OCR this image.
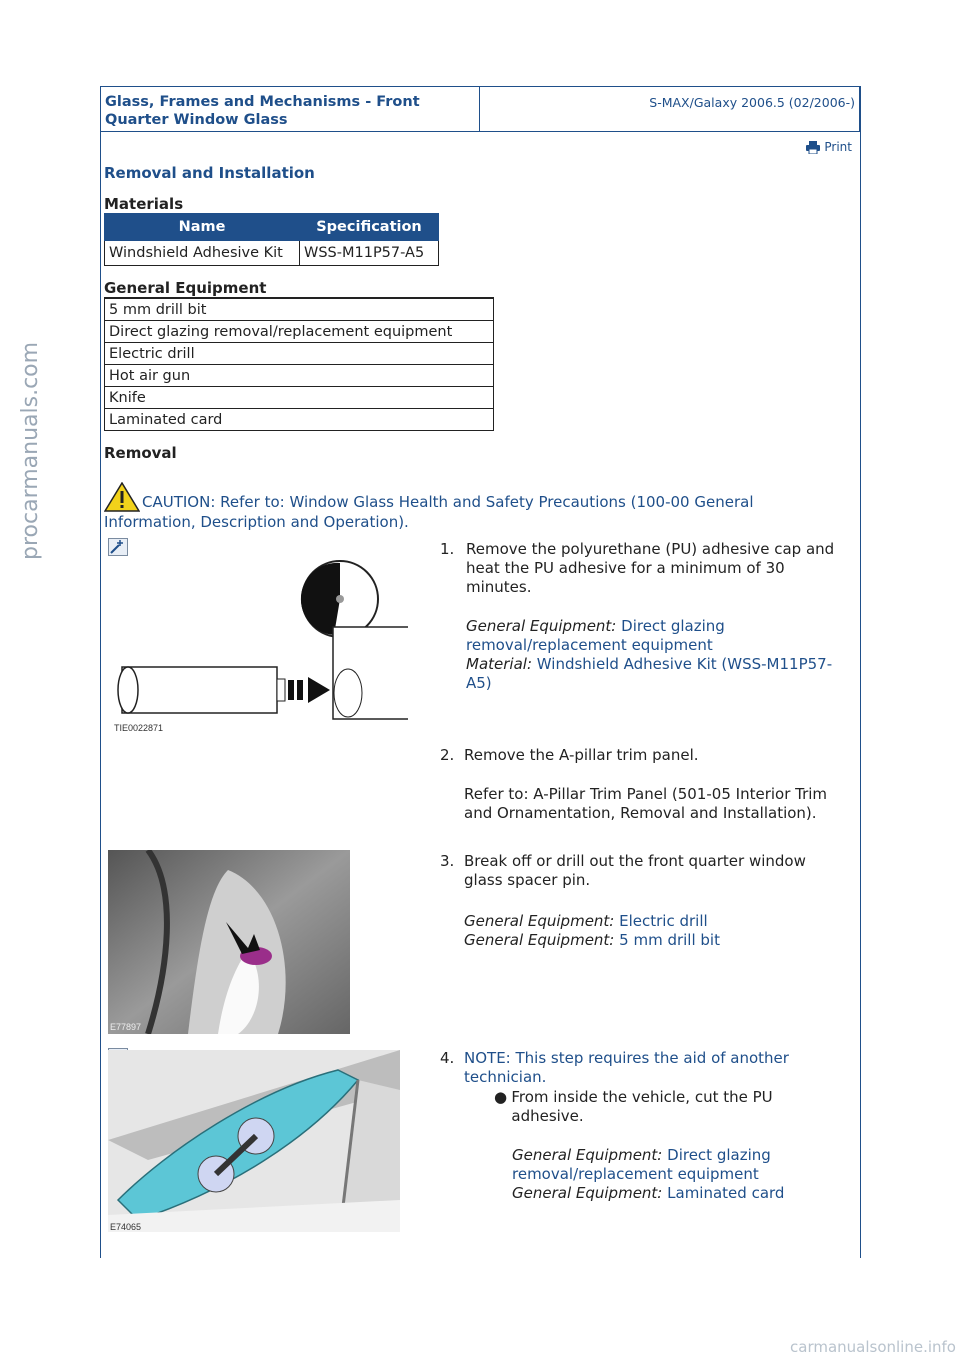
Glass, Frames and Mechanisms - Front
Quarter Window Glass
S-MAX/Galaxy 2006.5 (02/2006-)
Print
Removal and Installation
Materials
Name	Specification
Windshield Adhesive Kit	WSS-M11P57-A5
General Equipment
5 mm drill bit
Direct glazing removal/replacement equipment
Electric drill
Hot air gun
Knife
Laminated card
Removal
CAUTION: Refer to: Window Glass Health and Safety Precautions (100-00 General Information, Description and Operation).
TIE0022871
1. Remove the polyurethane (PU) adhesive cap and heat the PU adhesive for a minimum of 30 minutes.
General Equipment: Direct glazing removal/replacement equipment
Material: Windshield Adhesive Kit (WSS-M11P57-A5)
2. Remove the A-pillar trim panel.
Refer to: A-Pillar Trim Panel (501-05 Interior Trim and Ornamentation, Removal and Installation).
E77897
3. Break off or drill out the front quarter window glass spacer pin.
General Equipment: Electric drill
General Equipment: 5 mm drill bit
E74065
4. NOTE: This step requires the aid of another technician.
● From inside the vehicle, cut the PU adhesive.
General Equipment: Direct glazing removal/replacement equipment
General Equipment: Laminated card
procarmanuals.com
carmanualsonline.info
